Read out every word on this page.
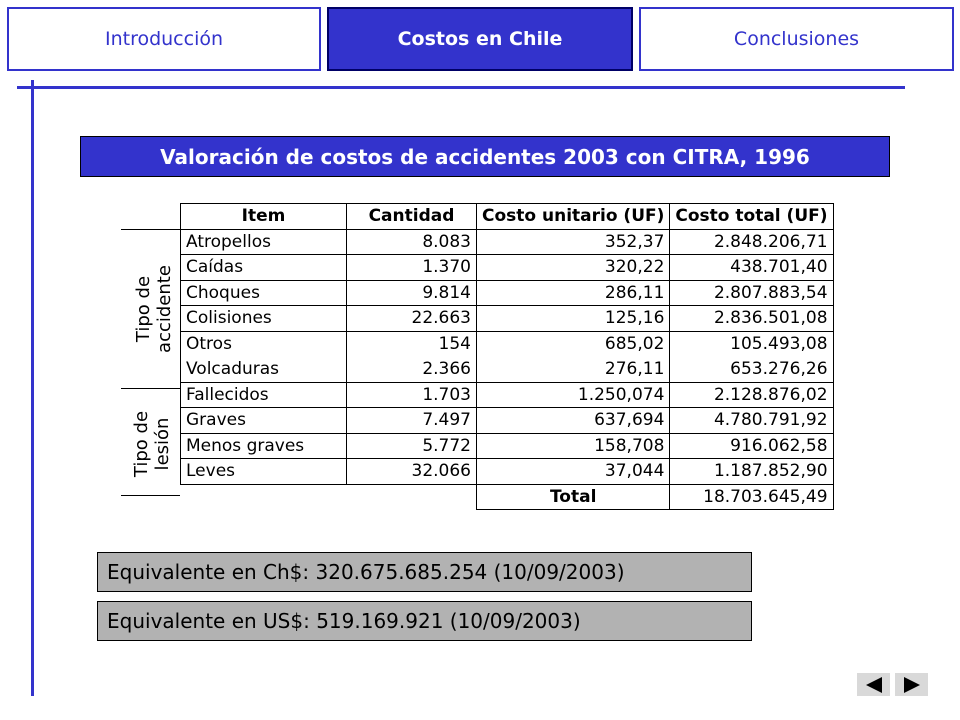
Introducción	Costos en Chile	Conclusiones
Valoración de costos de accidentes 2003 con CITRA, 1996
Tipo de accidente
Tipo de lesión
Item	Cantidad	Costo unitario (UF)	Costo total (UF)
Atropellos	8.083	352,37	2.848.206,71
Caídas	1.370	320,22	438.701,40
Choques	9.814	286,11	2.807.883,54
Colisiones	22.663	125,16	2.836.501,08
Otros	154	685,02	105.493,08
Volcaduras	2.366	276,11	653.276,26
Fallecidos	1.703	1.250,074	2.128.876,02
Graves	7.497	637,694	4.780.791,92
Menos graves	5.772	158,708	916.062,58
Leves	32.066	37,044	1.187.852,90
		Total	18.703.645,49
Equivalente en Ch$: 320.675.685.254 (10/09/2003)
Equivalente en US$: 519.169.921 (10/09/2003)
